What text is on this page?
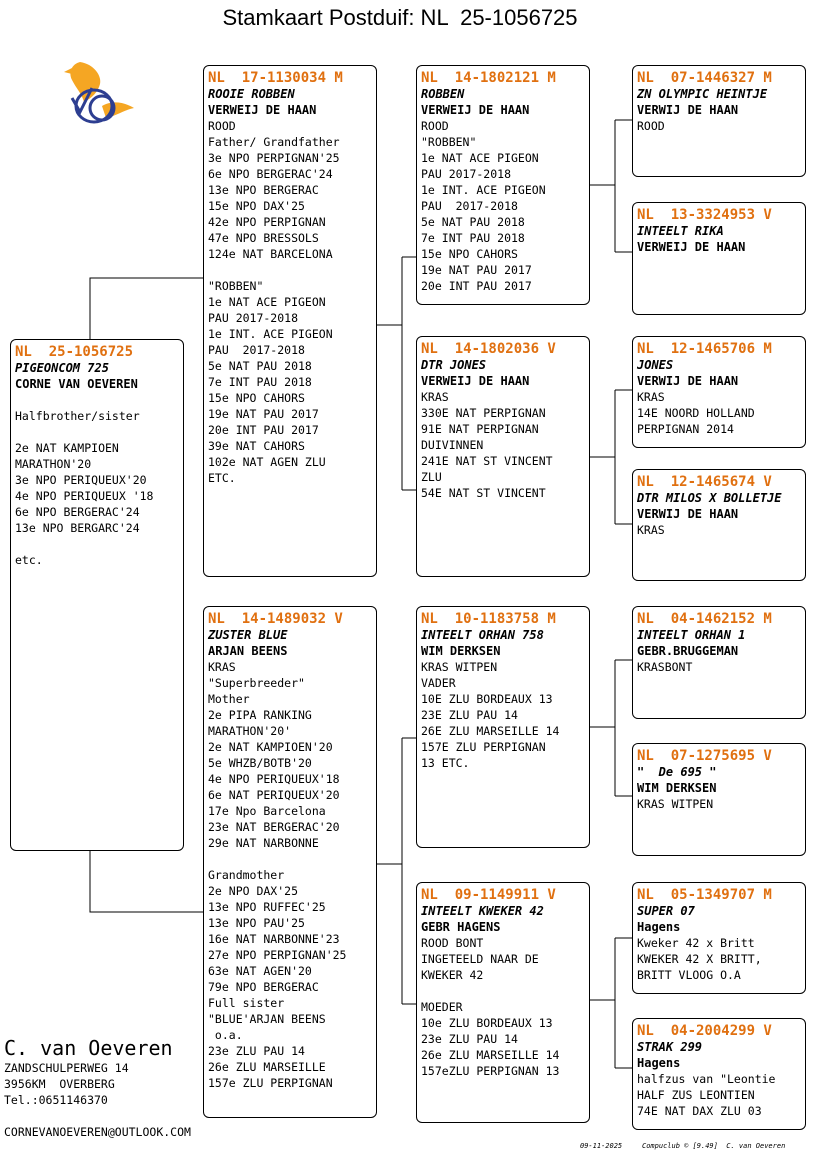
Stamkaart Postduif: NL  25-1056725
NL  25-1056725
PIGEONCOM 725
CORNE VAN OEVEREN
Halfbrother/sister
2e NAT KAMPIOEN
MARATHON'20
3e NPO PERIQUEUX'20
4e NPO PERIQUEUX '18
6e NPO BERGERAC'24
13e NPO BERGARC'24
etc.
NL  17-1130034 M
ROOIE ROBBEN
VERWEIJ DE HAAN
ROOD
Father/ Grandfather
3e NPO PERPIGNAN'25
6e NPO BERGERAC'24
13e NPO BERGERAC
15e NPO DAX'25
42e NPO PERPIGNAN
47e NPO BRESSOLS
124e NAT BARCELONA
"ROBBEN"
1e NAT ACE PIGEON
PAU 2017-2018
1e INT. ACE PIGEON
PAU  2017-2018
5e NAT PAU 2018
7e INT PAU 2018
15e NPO CAHORS
19e NAT PAU 2017
20e INT PAU 2017
39e NAT CAHORS
102e NAT AGEN ZLU
ETC.
NL  14-1489032 V
ZUSTER BLUE
ARJAN BEENS
KRAS
"Superbreeder"
Mother
2e PIPA RANKING
MARATHON'20'
2e NAT KAMPIOEN'20
5e WHZB/BOTB'20
4e NPO PERIQUEUX'18
6e NAT PERIQUEUX'20
17e Npo Barcelona
23e NAT BERGERAC'20
29e NAT NARBONNE
Grandmother
2e NPO DAX'25
13e NPO RUFFEC'25
13e NPO PAU'25
16e NAT NARBONNE'23
27e NPO PERPIGNAN'25
63e NAT AGEN'20
79e NPO BERGERAC
Full sister
"BLUE'ARJAN BEENS
o.a.
23e ZLU PAU 14
26e ZLU MARSEILLE
157e ZLU PERPIGNAN
NL  14-1802121 M
ROBBEN
VERWEIJ DE HAAN
ROOD
"ROBBEN"
1e NAT ACE PIGEON
PAU 2017-2018
1e INT. ACE PIGEON
PAU  2017-2018
5e NAT PAU 2018
7e INT PAU 2018
15e NPO CAHORS
19e NAT PAU 2017
20e INT PAU 2017
NL  14-1802036 V
DTR JONES
VERWEIJ DE HAAN
KRAS
330E NAT PERPIGNAN
91E NAT PERPIGNAN
DUIVINNEN
241E NAT ST VINCENT
ZLU
54E NAT ST VINCENT
NL  10-1183758 M
INTEELT ORHAN 758
WIM DERKSEN
KRAS WITPEN
VADER
10E ZLU BORDEAUX 13
23E ZLU PAU 14
26E ZLU MARSEILLE 14
157E ZLU PERPIGNAN
13 ETC.
NL  09-1149911 V
INTEELT KWEKER 42
GEBR HAGENS
ROOD BONT
INGETEELD NAAR DE
KWEKER 42
MOEDER
10e ZLU BORDEAUX 13
23e ZLU PAU 14
26e ZLU MARSEILLE 14
157eZLU PERPIGNAN 13
NL  07-1446327 M
ZN OLYMPIC HEINTJE
VERWIJ DE HAAN
ROOD
NL  13-3324953 V
INTEELT RIKA
VERWEIJ DE HAAN
NL  12-1465706 M
JONES
VERWIJ DE HAAN
KRAS
14E NOORD HOLLAND
PERPIGNAN 2014
NL  12-1465674 V
DTR MILOS X BOLLETJE
VERWIJ DE HAAN
KRAS
NL  04-1462152 M
INTEELT ORHAN 1
GEBR.BRUGGEMAN
KRASBONT
NL  07-1275695 V
"  De 695 "
WIM DERKSEN
KRAS WITPEN
NL  05-1349707 M
SUPER 07
Hagens
Kweker 42 x Britt
KWEKER 42 X BRITT,
BRITT VLOOG O.A
NL  04-2004299 V
STRAK 299
Hagens
halfzus van "Leontie
HALF ZUS LEONTIEN
74E NAT DAX ZLU 03
C. van Oeveren
ZANDSCHULPERWEG 14
3956KM  OVERBERG
Tel.:0651146370
CORNEVANOEVEREN@OUTLOOK.COM
09-11-2025	Compuclub © [9.49]  C. van Oeveren
